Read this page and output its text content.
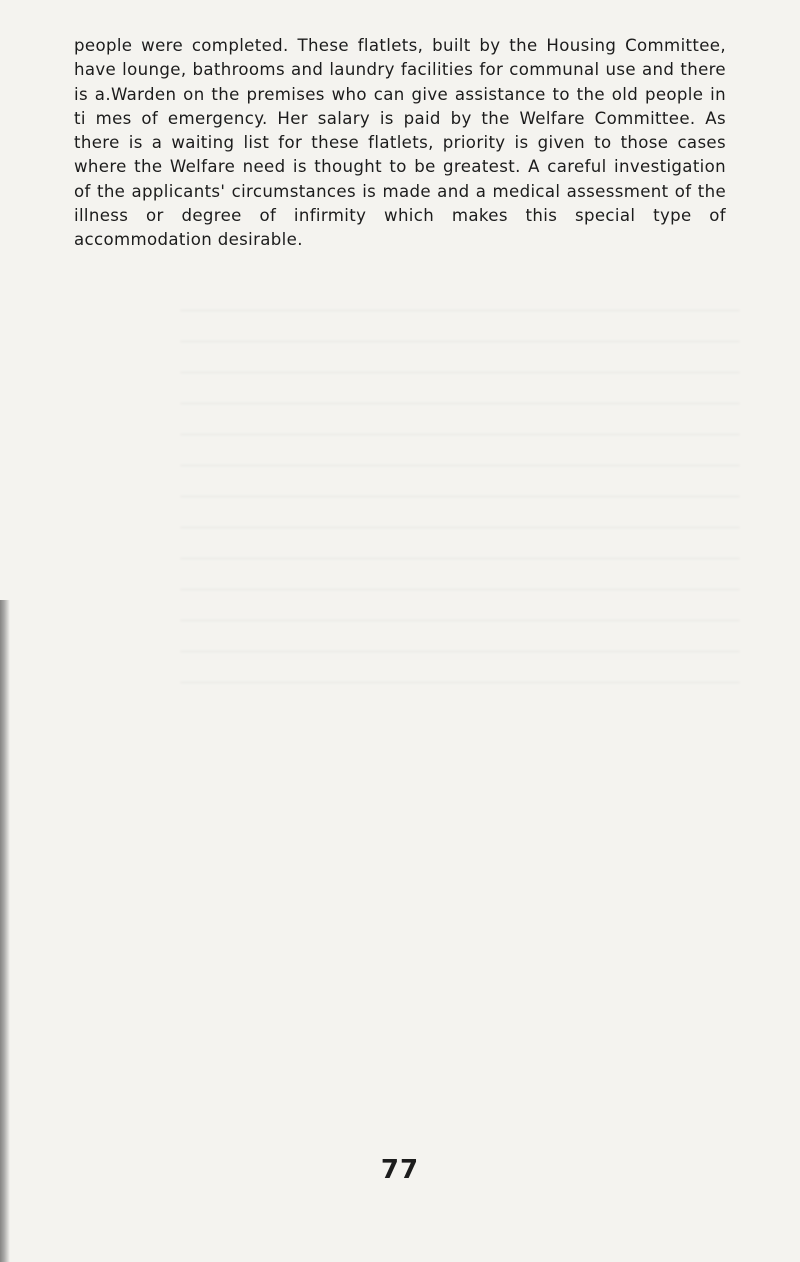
people were completed. These flatlets, built by the Housing Committee, have lounge, bathrooms and laundry facilities for communal use and there is a.Warden on the premises who can give assistance to the old people in ti mes of emergency. Her salary is paid by the Welfare Committee. As there is a waiting list for these flatlets, priority is given to those cases where the Welfare need is thought to be greatest. A careful investigation of the applicants' circumstances is made and a medical assessment of the illness or degree of infirmity which makes this special type of accommodation desirable.

77
